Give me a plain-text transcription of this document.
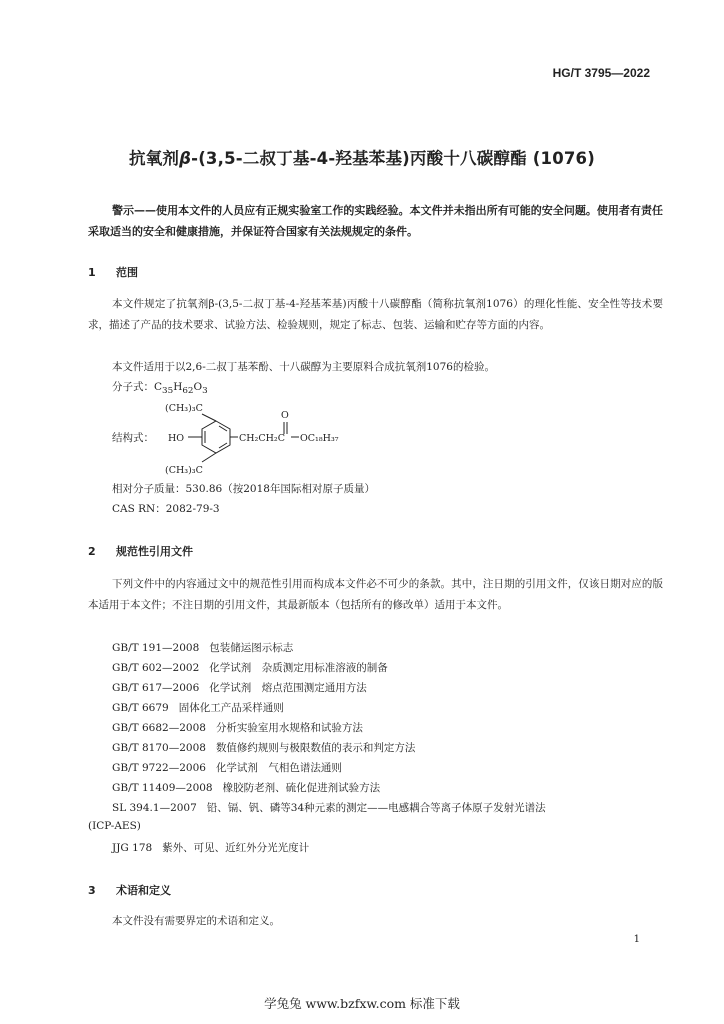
HG/T 3795—2022
抗氧剂β-(3,5-二叔丁基-4-羟基苯基)丙酸十八碳醇酯 (1076)
警示——使用本文件的人员应有正规实验室工作的实践经验。本文件并未指出所有可能的安全问题。使用者有责任采取适当的安全和健康措施，并保证符合国家有关法规规定的条件。
1 范围
本文件规定了抗氧剂β-(3,5-二叔丁基-4-羟基苯基)丙酸十八碳醇酯（简称抗氧剂1076）的理化性能、安全性等技术要求，描述了产品的技术要求、试验方法、检验规则，规定了标志、包装、运输和贮存等方面的内容。
本文件适用于以2,6-二叔丁基苯酚、十八碳醇为主要原料合成抗氧剂1076的检验。
分子式：$C_{35}H_{62}O_3$
结构式：
(CH₃)₃C
(CH₃)₃C
HO	CH₂CH₂C
O
OC₁₈H₃₇
相对分子质量：530.86（按2018年国际相对原子质量）
CAS RN：2082-79-3
2 规范性引用文件
下列文件中的内容通过文中的规范性引用而构成本文件必不可少的条款。其中，注日期的引用文件，仅该日期对应的版本适用于本文件；不注日期的引用文件，其最新版本（包括所有的修改单）适用于本文件。
GB/T 191—2008 包装储运图示标志
GB/T 602—2002 化学试剂　杂质测定用标准溶液的制备
GB/T 617—2006 化学试剂　熔点范围测定通用方法
GB/T 6679 固体化工产品采样通则
GB/T 6682—2008 分析实验室用水规格和试验方法
GB/T 8170—2008 数值修约规则与极限数值的表示和判定方法
GB/T 9722—2006 化学试剂　气相色谱法通则
GB/T 11409—2008 橡胶防老剂、硫化促进剂试验方法
SL 394.1—2007 铅、镉、钒、磷等34种元素的测定——电感耦合等离子体原子发射光谱法
(ICP-AES)
JJG 178 紫外、可见、近红外分光光度计
3 术语和定义
本文件没有需要界定的术语和定义。
1
学兔兔 www.bzfxw.com 标准下载
